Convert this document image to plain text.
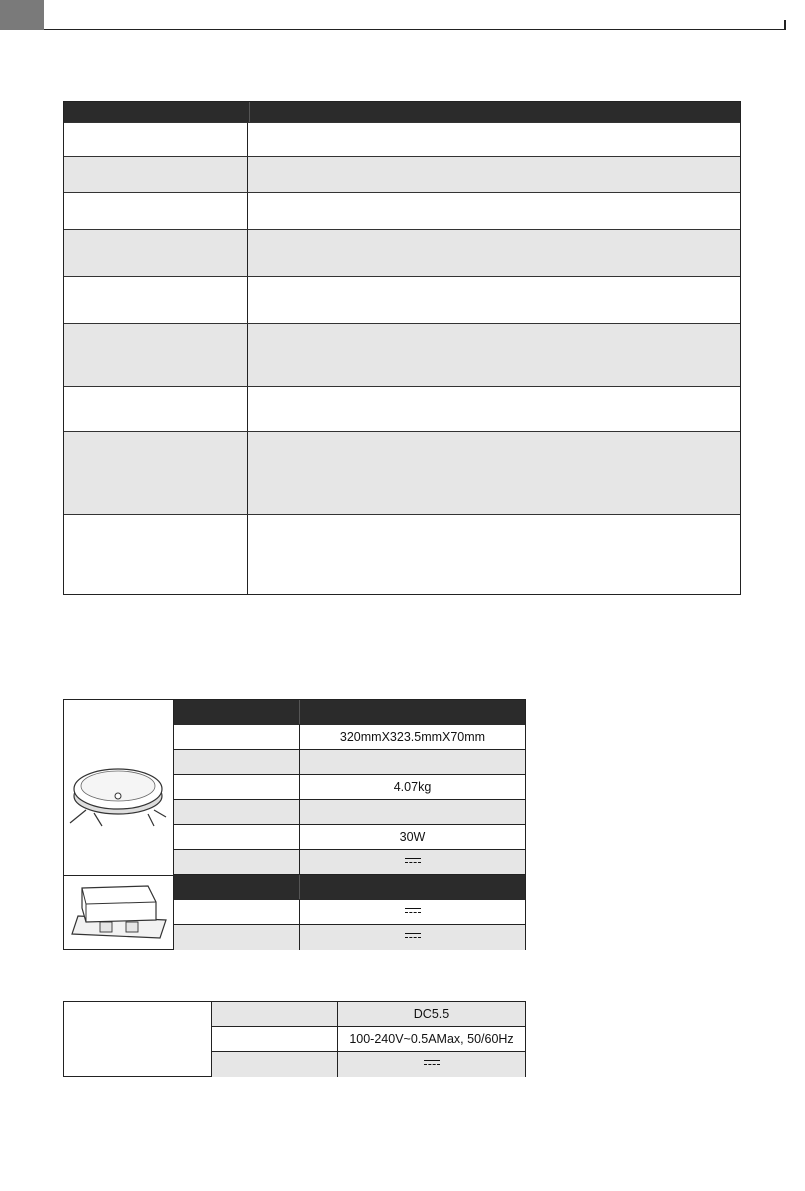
320mmX323.5mmX70mm
4.07kg
30W
DC5.5
100-240V~0.5AMax, 50/60Hz
